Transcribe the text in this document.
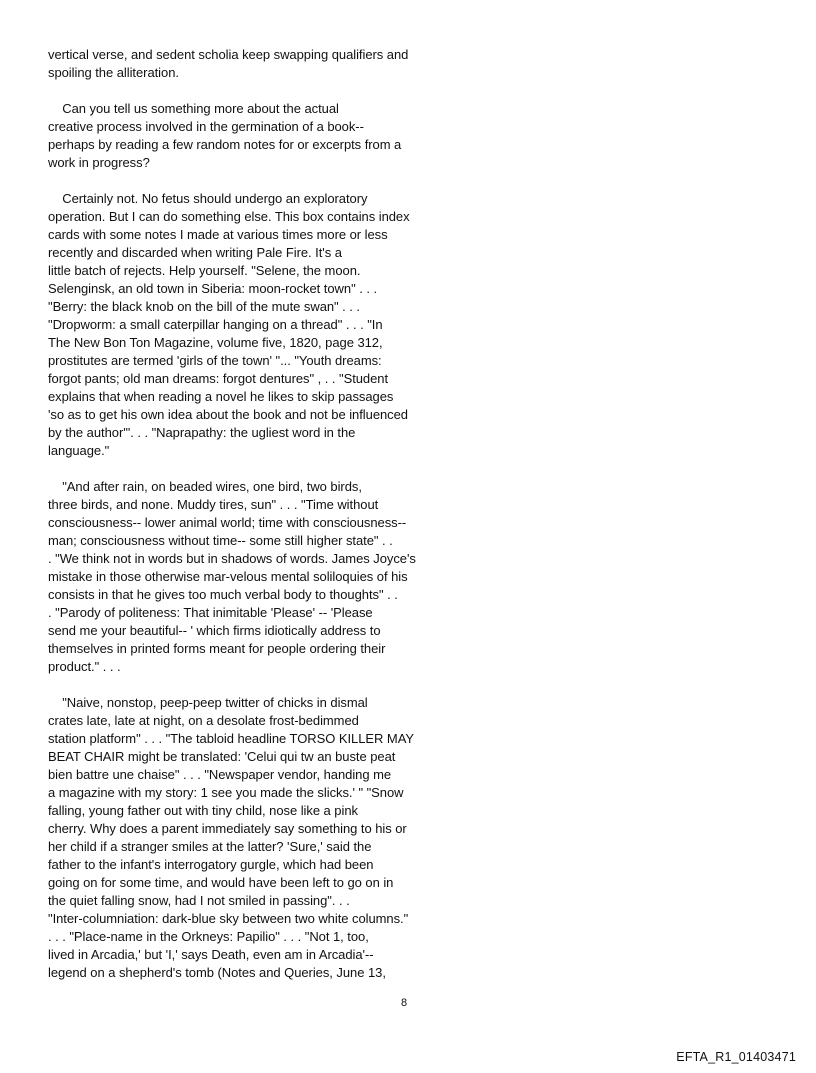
vertical verse, and sedent scholia keep swapping qualifiers and
spoiling the alliteration.
Can you tell us something more about the actual
creative process involved in the germination of a book--
perhaps by reading a few random notes for or excerpts from a
work in progress?
Certainly not. No fetus should undergo an exploratory
operation. But I can do something else. This box contains index
cards with some notes I made at various times more or less
recently and discarded when writing Pale Fire. It's a
little batch of rejects. Help yourself. "Selene, the moon.
Selenginsk, an old town in Siberia: moon-rocket town" . . .
"Berry: the black knob on the bill of the mute swan" . . .
"Dropworm: a small caterpillar hanging on a thread" . . . "In
The New Bon Ton Magazine, volume five, 1820, page 312,
prostitutes are termed 'girls of the town' "... "Youth dreams:
forgot pants; old man dreams: forgot dentures" , . . "Student
explains that when reading a novel he likes to skip passages
'so as to get his own idea about the book and not be influenced
by the author'". . . "Naprapathy: the ugliest word in the
language."
"And after rain, on beaded wires, one bird, two birds,
three birds, and none. Muddy tires, sun" . . . "Time without
consciousness-- lower animal world; time with consciousness--
man; consciousness without time-- some still higher state" . .
. "We think not in words but in shadows of words. James Joyce's
mistake in those otherwise mar-velous mental soliloquies of his
consists in that he gives too much verbal body to thoughts" . .
. "Parody of politeness: That inimitable 'Please' -- 'Please
send me your beautiful-- ' which firms idiotically address to
themselves in printed forms meant for people ordering their
product." . . .
"Naive, nonstop, peep-peep twitter of chicks in dismal
crates late, late at night, on a desolate frost-bedimmed
station platform" . . . "The tabloid headline TORSO KILLER MAY
BEAT CHAIR might be translated: 'Celui qui tw an buste peat
bien battre une chaise" . . . "Newspaper vendor, handing me
a magazine with my story: 1 see you made the slicks.' " "Snow
falling, young father out with tiny child, nose like a pink
cherry. Why does a parent immediately say something to his or
her child if a stranger smiles at the latter? 'Sure,' said the
father to the infant's interrogatory gurgle, which had been
going on for some time, and would have been left to go on in
the quiet falling snow, had I not smiled in passing". . .
"Inter-columniation: dark-blue sky between two white columns."
. . . "Place-name in the Orkneys: Papilio" . . . "Not 1, too,
lived in Arcadia,' but 'I,' says Death, even am in Arcadia'--
legend on a shepherd's tomb (Notes and Queries, June 13,
8
EFTA_R1_01403471
